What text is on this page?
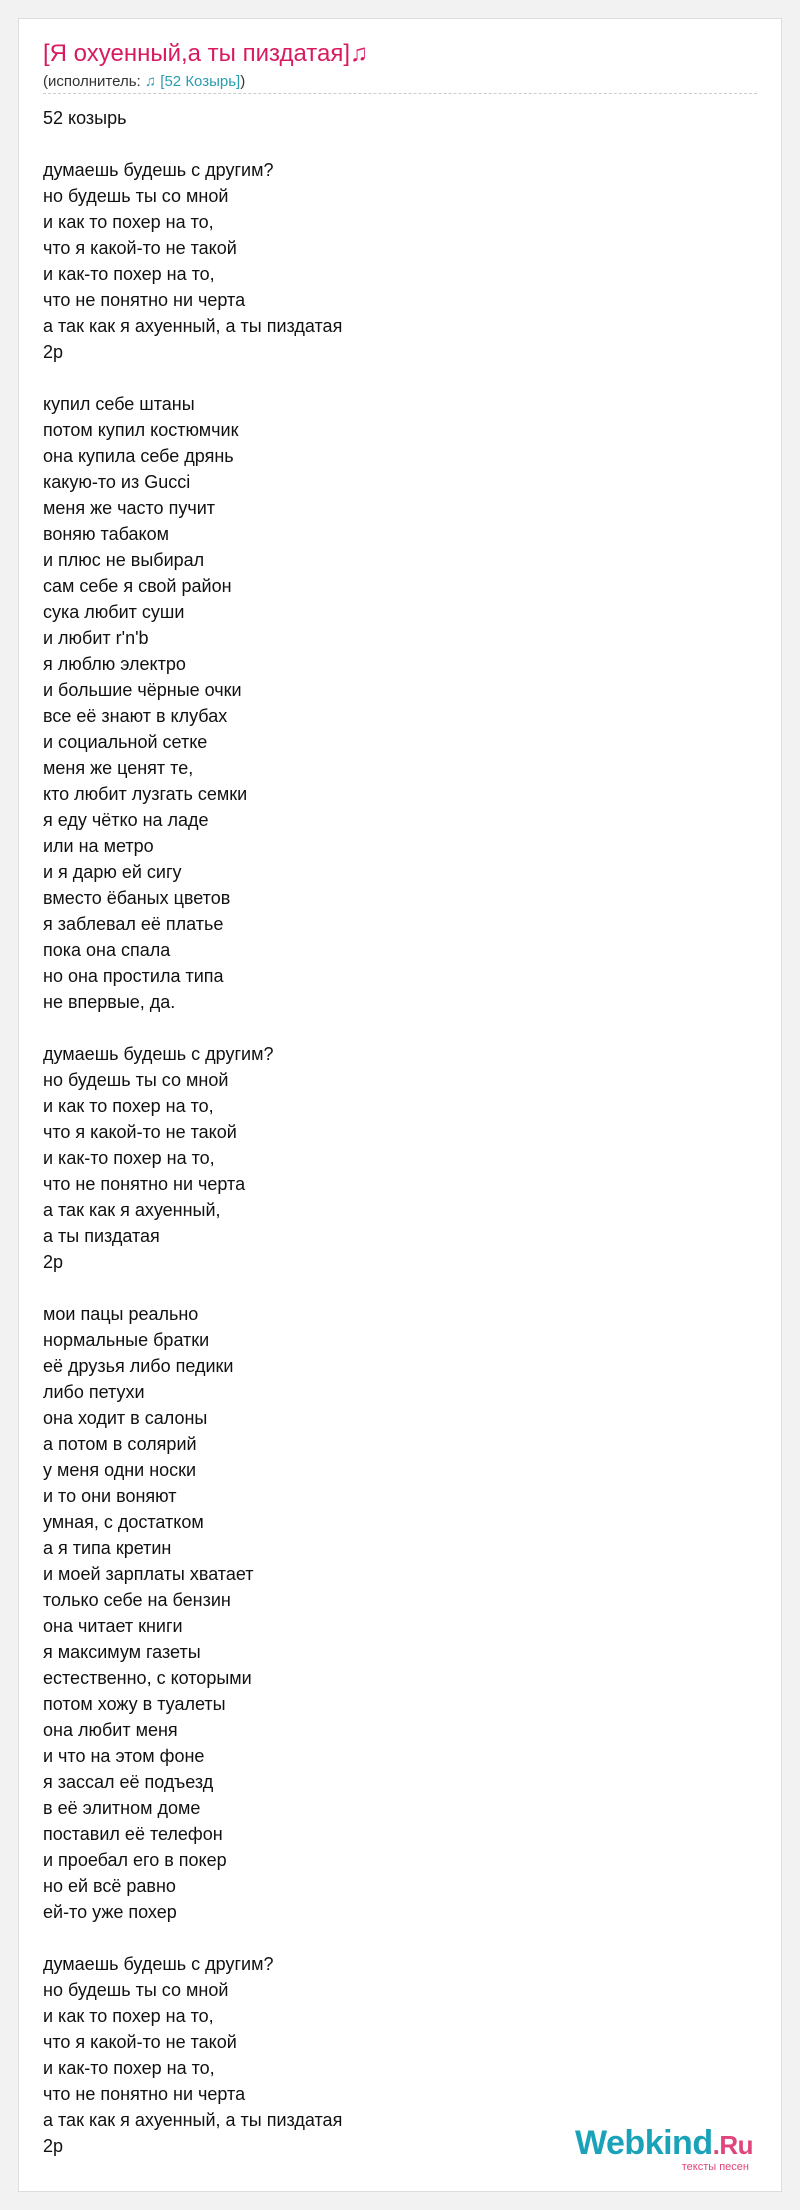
[Я охуенный,а ты пиздатая]♫
(исполнитель: ♫ [52 Козырь])
52 козырь
думаешь будешь с другим?
но будешь ты со мной
и как то похер на то,
что я какой-то не такой
и как-то похер на то,
что не понятно ни черта
а так как я ахуенный, а ты пиздатая
2р
купил себе штаны
потом купил костюмчик
она купила себе дрянь
какую-то из Gucci
меня же часто пучит
воняю табаком
и плюс не выбирал
сам себе я свой район
сука любит суши
и любит r'n'b
я люблю электро
и большие чёрные очки
все её знают в клубах
и социальной сетке
меня же ценят те,
кто любит лузгать семки
я еду чётко на ладе
или на метро
и я дарю ей сигу
вместо ёбаных цветов
я заблевал её платье
пока она спала
но она простила типа
не впервые, да.
думаешь будешь с другим?
но будешь ты со мной
и как то похер на то,
что я какой-то не такой
и как-то похер на то,
что не понятно ни черта
а так как я ахуенный,
а ты пиздатая
2р
мои пацы реально
нормальные братки
её друзья либо педики
либо петухи
она ходит в салоны
а потом в солярий
у меня одни носки
и то они воняют
умная, с достатком
а я типа кретин
и моей зарплаты хватает
только себе на бензин
она читает книги
я максимум газеты
естественно, с которыми
потом хожу в туалеты
она любит меня
и что на этом фоне
я зассал её подъезд
в её элитном доме
поставил её телефон
и проебал его в покер
но ей всё равно
ей-то уже похер
думаешь будешь с другим?
но будешь ты со мной
и как то похер на то,
что я какой-то не такой
и как-то похер на то,
что не понятно ни черта
а так как я ахуенный, а ты пиздатая
2р	Webkind.Ru
тексты песен
